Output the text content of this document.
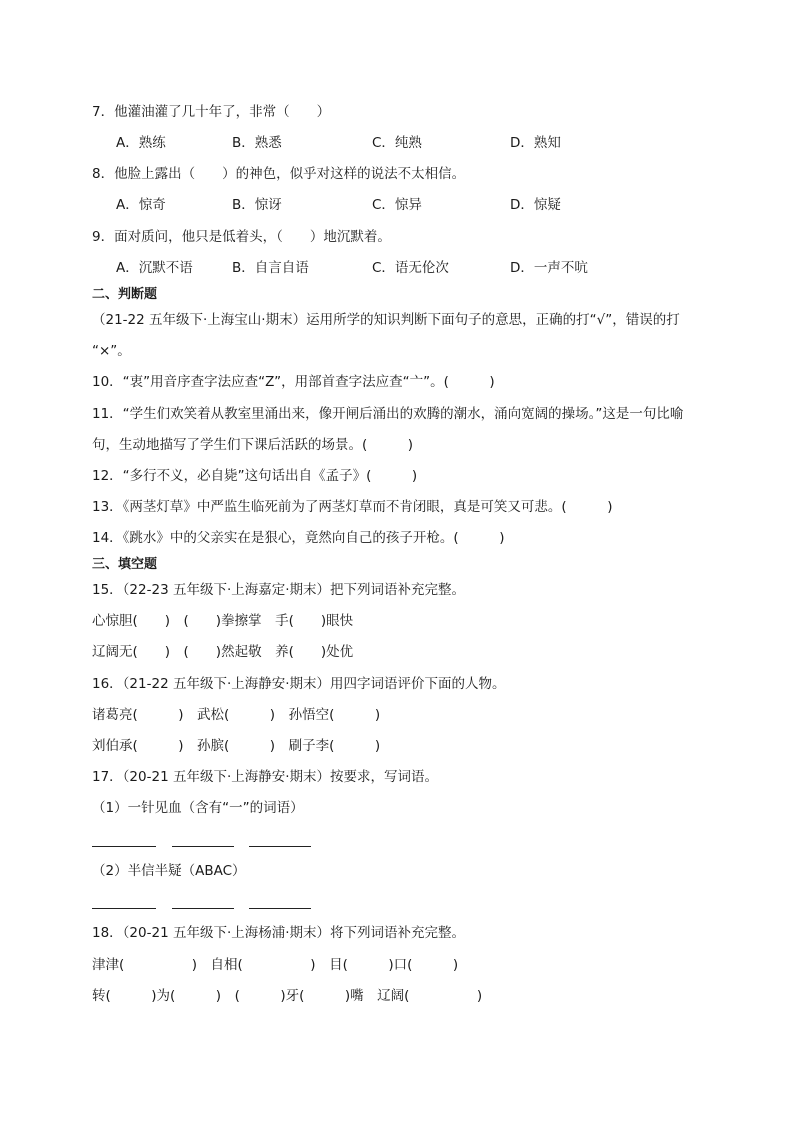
7．他灌油灌了几十年了，非常（　　）
A．熟练	B．熟悉	C．纯熟	D．熟知
8．他脸上露出（　　）的神色，似乎对这样的说法不太相信。
A．惊奇	B．惊讶	C．惊异	D．惊疑
9．面对质问，他只是低着头，（　　）地沉默着。
A．沉默不语	B．自言自语	C．语无伦次	D．一声不吭
二、判断题
（21-22 五年级下·上海宝山·期末）运用所学的知识判断下面句子的意思，正确的打“√”，错误的打
“×”。
10．“衷”用音序查字法应查“Z”，用部首查字法应查“亠”。(　　　)
11．“学生们欢笑着从教室里涌出来，像开闸后涌出的欢腾的潮水，涌向宽阔的操场。”这是一句比喻
句，生动地描写了学生们下课后活跃的场景。(　　　)
12．“多行不义，必自毙”这句话出自《孟子》(　　　)
13．《两茎灯草》中严监生临死前为了两茎灯草而不肯闭眼，真是可笑又可悲。(　　　)
14．《跳水》中的父亲实在是狠心，竟然向自己的孩子开枪。(　　　)
三、填空题
15．（22-23 五年级下·上海嘉定·期末）把下列词语补充完整。
心惊胆(　　)　(　　)拳擦掌　手(　　)眼快
辽阔无(　　)　(　　)然起敬　养(　　)处优
16．（21-22 五年级下·上海静安·期末）用四字词语评价下面的人物。
诸葛亮(　　　)　武松(　　　)　孙悟空(　　　)
刘伯承(　　　)　孙膑(　　　)　刷子李(　　　)
17．（20-21 五年级下·上海静安·期末）按要求，写词语。
（1）一针见血（含有“一”的词语）
（2）半信半疑（ABAC）
18．（20-21 五年级下·上海杨浦·期末）将下列词语补充完整。
津津(　　　　　)　自相(　　　　　)　目(　　　)口(　　　)
转(　　　)为(　　　)　(　　　)牙(　　　)嘴　辽阔(　　　　　)
